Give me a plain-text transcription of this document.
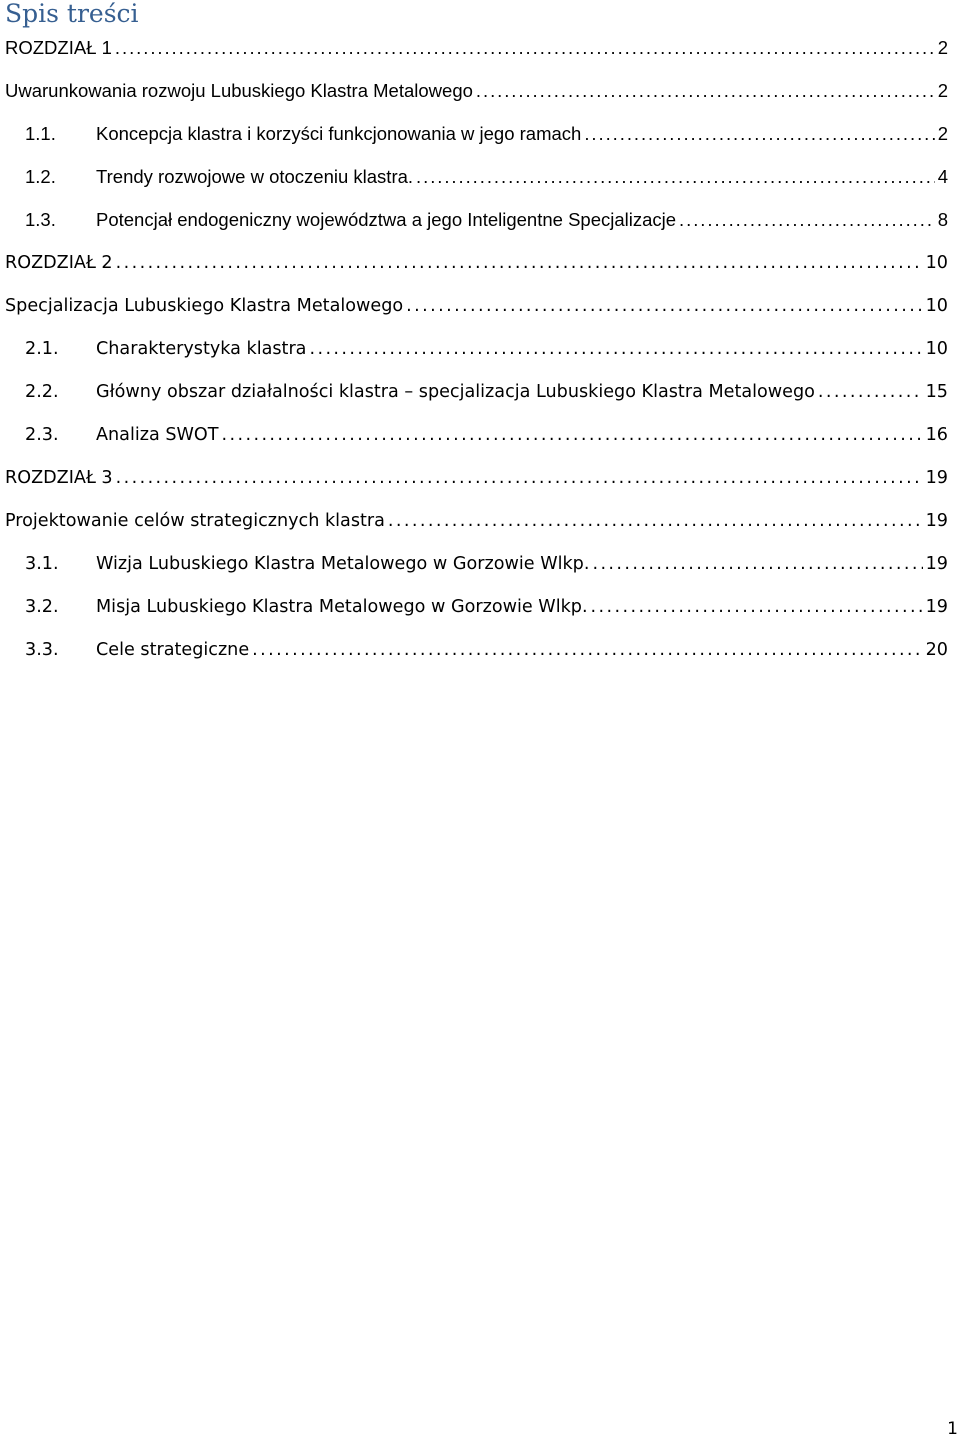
Spis treści
ROZDZIAŁ 1 . . .	2
Uwarunkowania rozwoju Lubuskiego Klastra Metalowego . . .	2
1.1.	Koncepcja klastra i korzyści funkcjonowania w jego ramach . . .	2
1.2.	Trendy rozwojowe w otoczeniu klastra. . . .	4
1.3.	Potencjał endogeniczny województwa a jego Inteligentne Specjalizacje . . .	8
ROZDZIAŁ 2 . . .	10
Specjalizacja Lubuskiego Klastra Metalowego . . .	10
2.1.	Charakterystyka klastra . . .	10
2.2.	Główny obszar działalności klastra – specjalizacja Lubuskiego Klastra Metalowego . . .	15
2.3.	Analiza SWOT . . .	16
ROZDZIAŁ 3 . . .	19
Projektowanie celów strategicznych klastra . . .	19
3.1.	Wizja Lubuskiego Klastra Metalowego w Gorzowie Wlkp. . . .	19
3.2.	Misja Lubuskiego Klastra Metalowego w Gorzowie Wlkp. . . .	19
3.3.	Cele strategiczne . . .	20
1
